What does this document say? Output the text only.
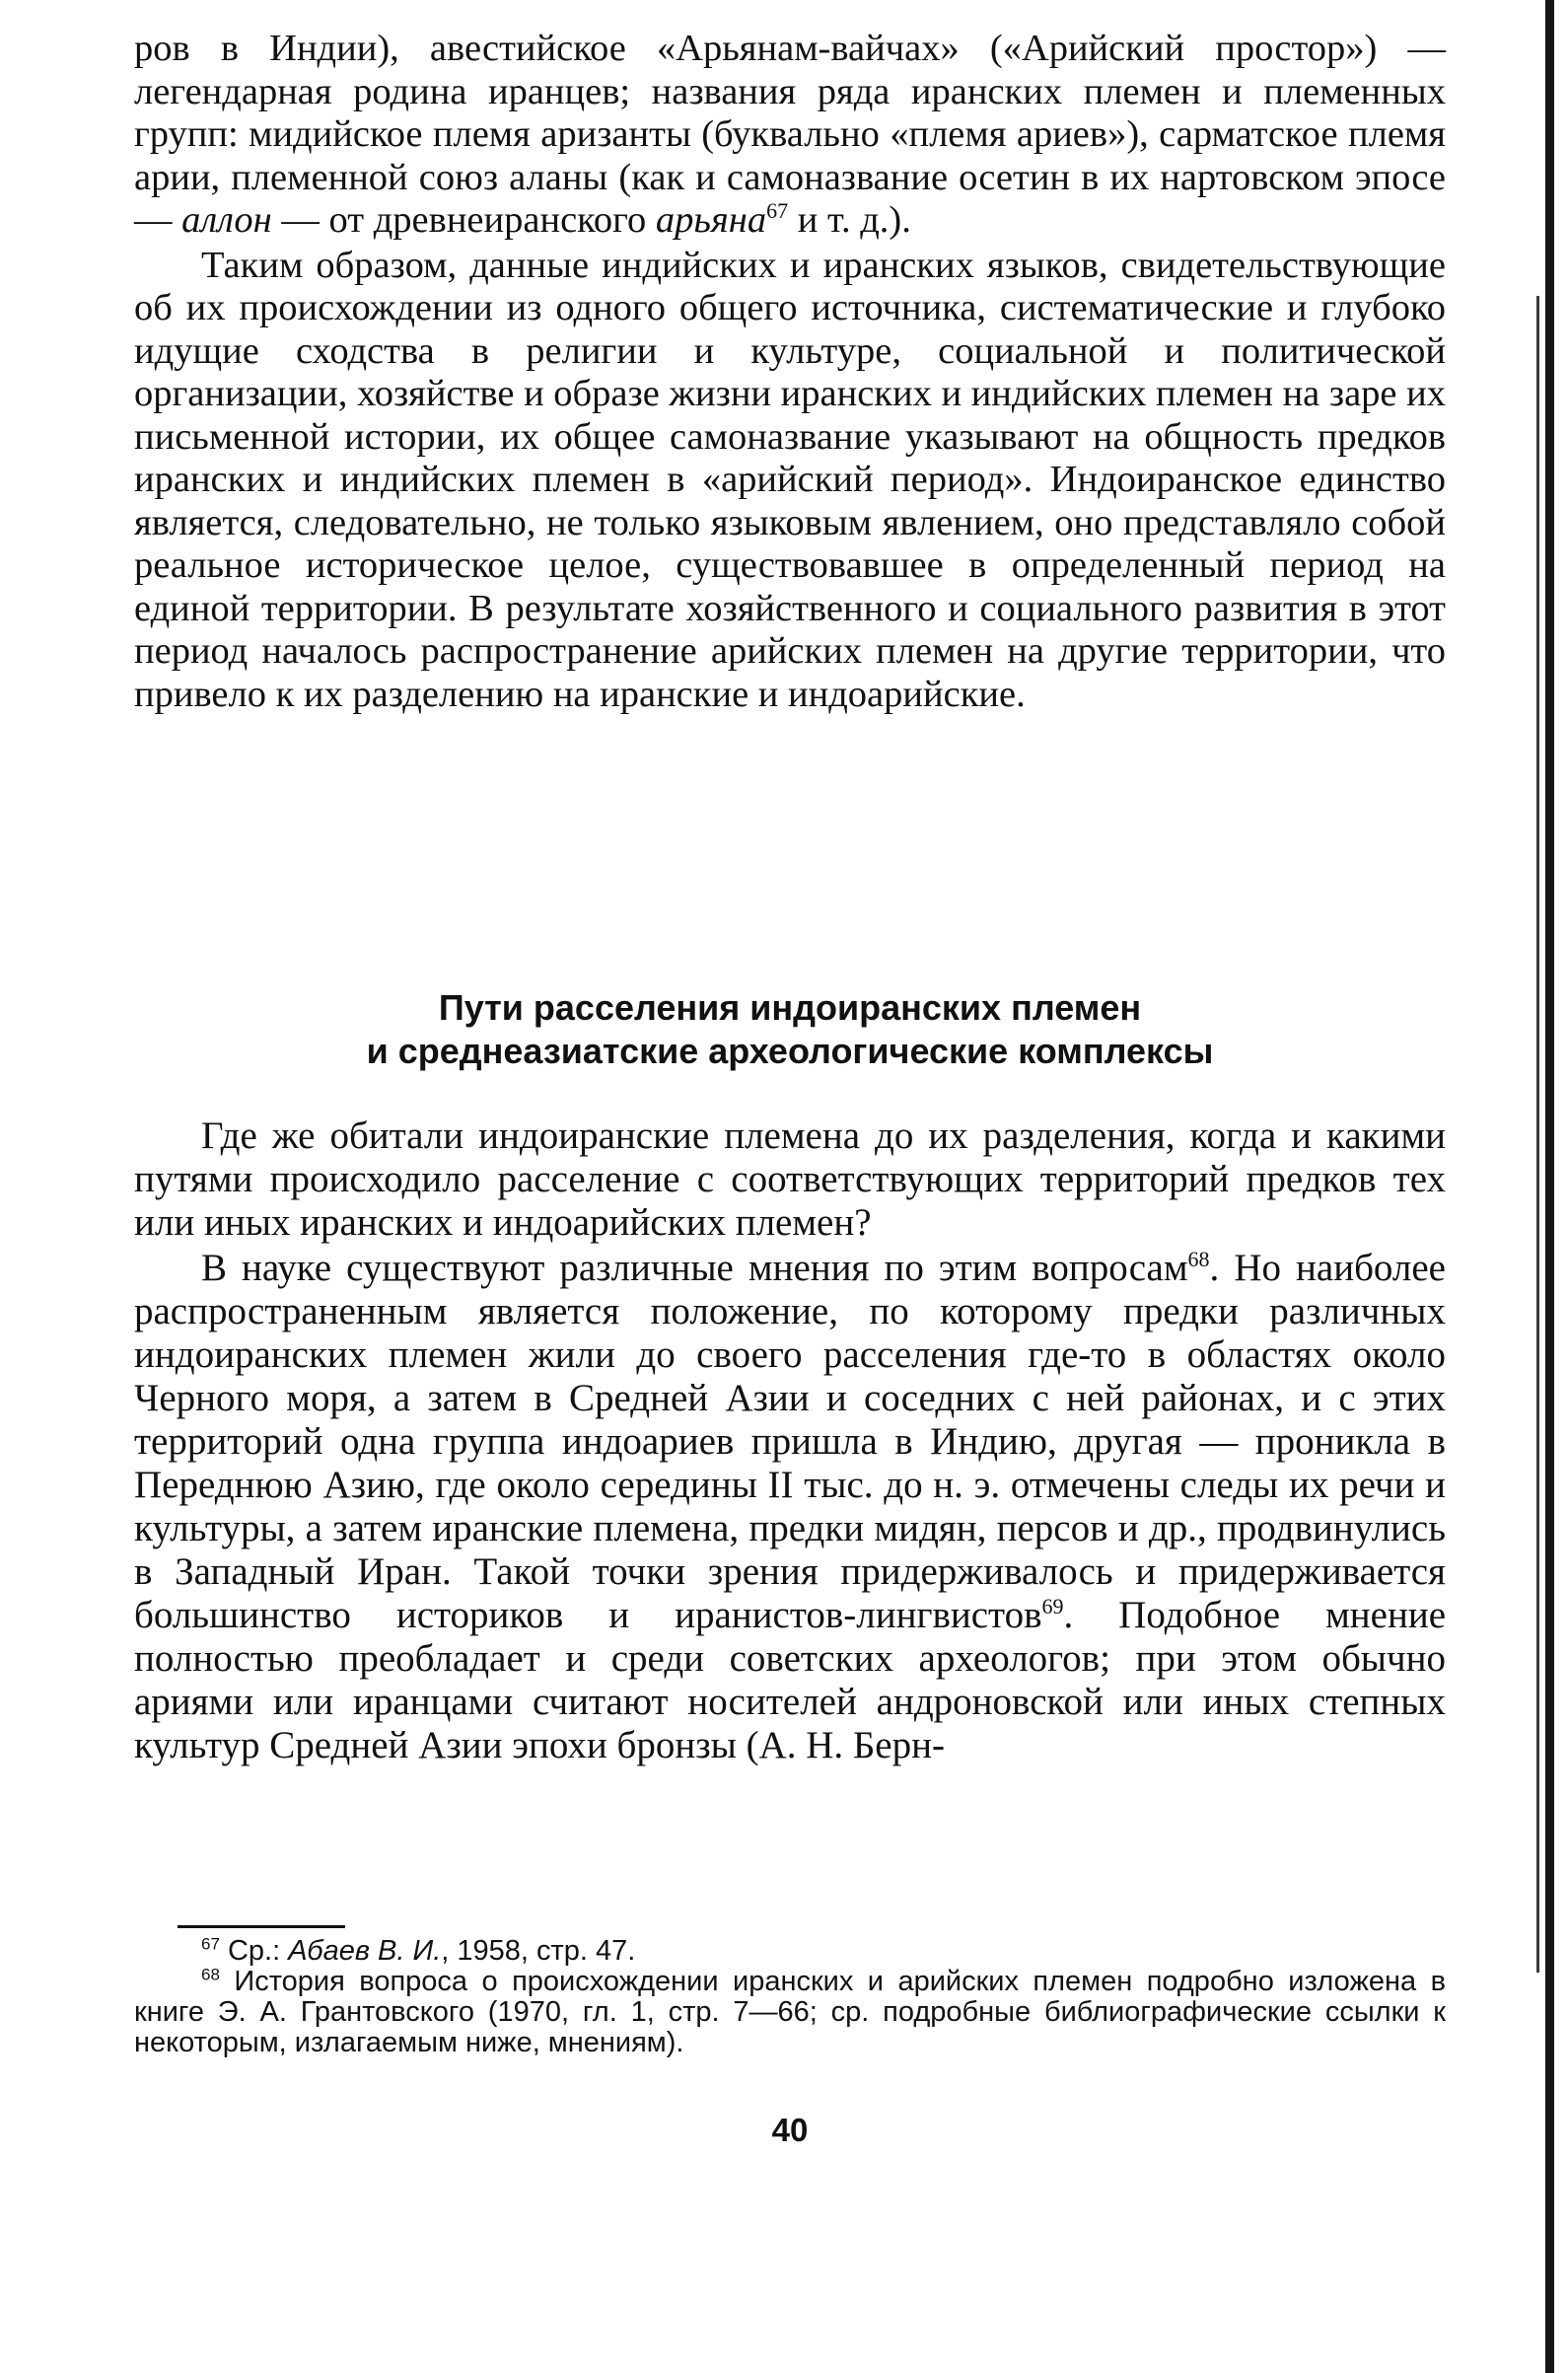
ров в Индии), авестийское «Арьянам-вайчах» («Арийский простор») — легендарная родина иранцев; названия ряда иранских племен и племенных групп: мидийское племя аризанты (буквально «племя ариев»), сарматское племя арии, племенной союз аланы (как и самоназвание осетин в их нартовском эпосе — аллон — от древнеиранского арьяна$^{67}$ и т. д.).

Таким образом, данные индийских и иранских языков, свидетельствующие об их происхождении из одного общего источника, систематические и глубоко идущие сходства в религии и культуре, социальной и политической организации, хозяйстве и образе жизни иранских и индийских племен на заре их письменной истории, их общее самоназвание указывают на общность предков иранских и индийских племен в «арийский период». Индоиранское единство является, следовательно, не только языковым явлением, оно представляло собой реальное историческое целое, существовавшее в определенный период на единой территории. В результате хозяйственного и социального развития в этот период началось распространение арийских племен на другие территории, что привело к их разделению на иранские и индоарийские.

Пути расселения индоиранских племен
и среднеазиатские археологические комплексы

Где же обитали индоиранские племена до их разделения, когда и какими путями происходило расселение с соответствующих территорий предков тех или иных иранских и индоарийских племен?

В науке существуют различные мнения по этим вопросам$^{68}$. Но наиболее распространенным является положение, по которому предки различных индоиранских племен жили до своего расселения где-то в областях около Черного моря, а затем в Средней Азии и соседних с ней районах, и с этих территорий одна группа индоариев пришла в Индию, другая — проникла в Переднюю Азию, где около середины II тыс. до н. э. отмечены следы их речи и культуры, а затем иранские племена, предки мидян, персов и др., продвинулись в Западный Иран. Такой точки зрения придерживалось и придерживается большинство историков и иранистов-лингвистов$^{69}$. Подобное мнение полностью преобладает и среди советских археологов; при этом обычно ариями или иранцами считают носителей андроновской или иных степных культур Средней Азии эпохи бронзы (А. Н. Берн-

$^{67}$ Ср.: Абаев В. И., 1958, стр. 47.

$^{68}$ История вопроса о происхождении иранских и арийских племен подробно изложена в книге Э. А. Грантовского (1970, гл. 1, стр. 7—66; ср. подробные библиографические ссылки к некоторым, излагаемым ниже, мнениям).

40
